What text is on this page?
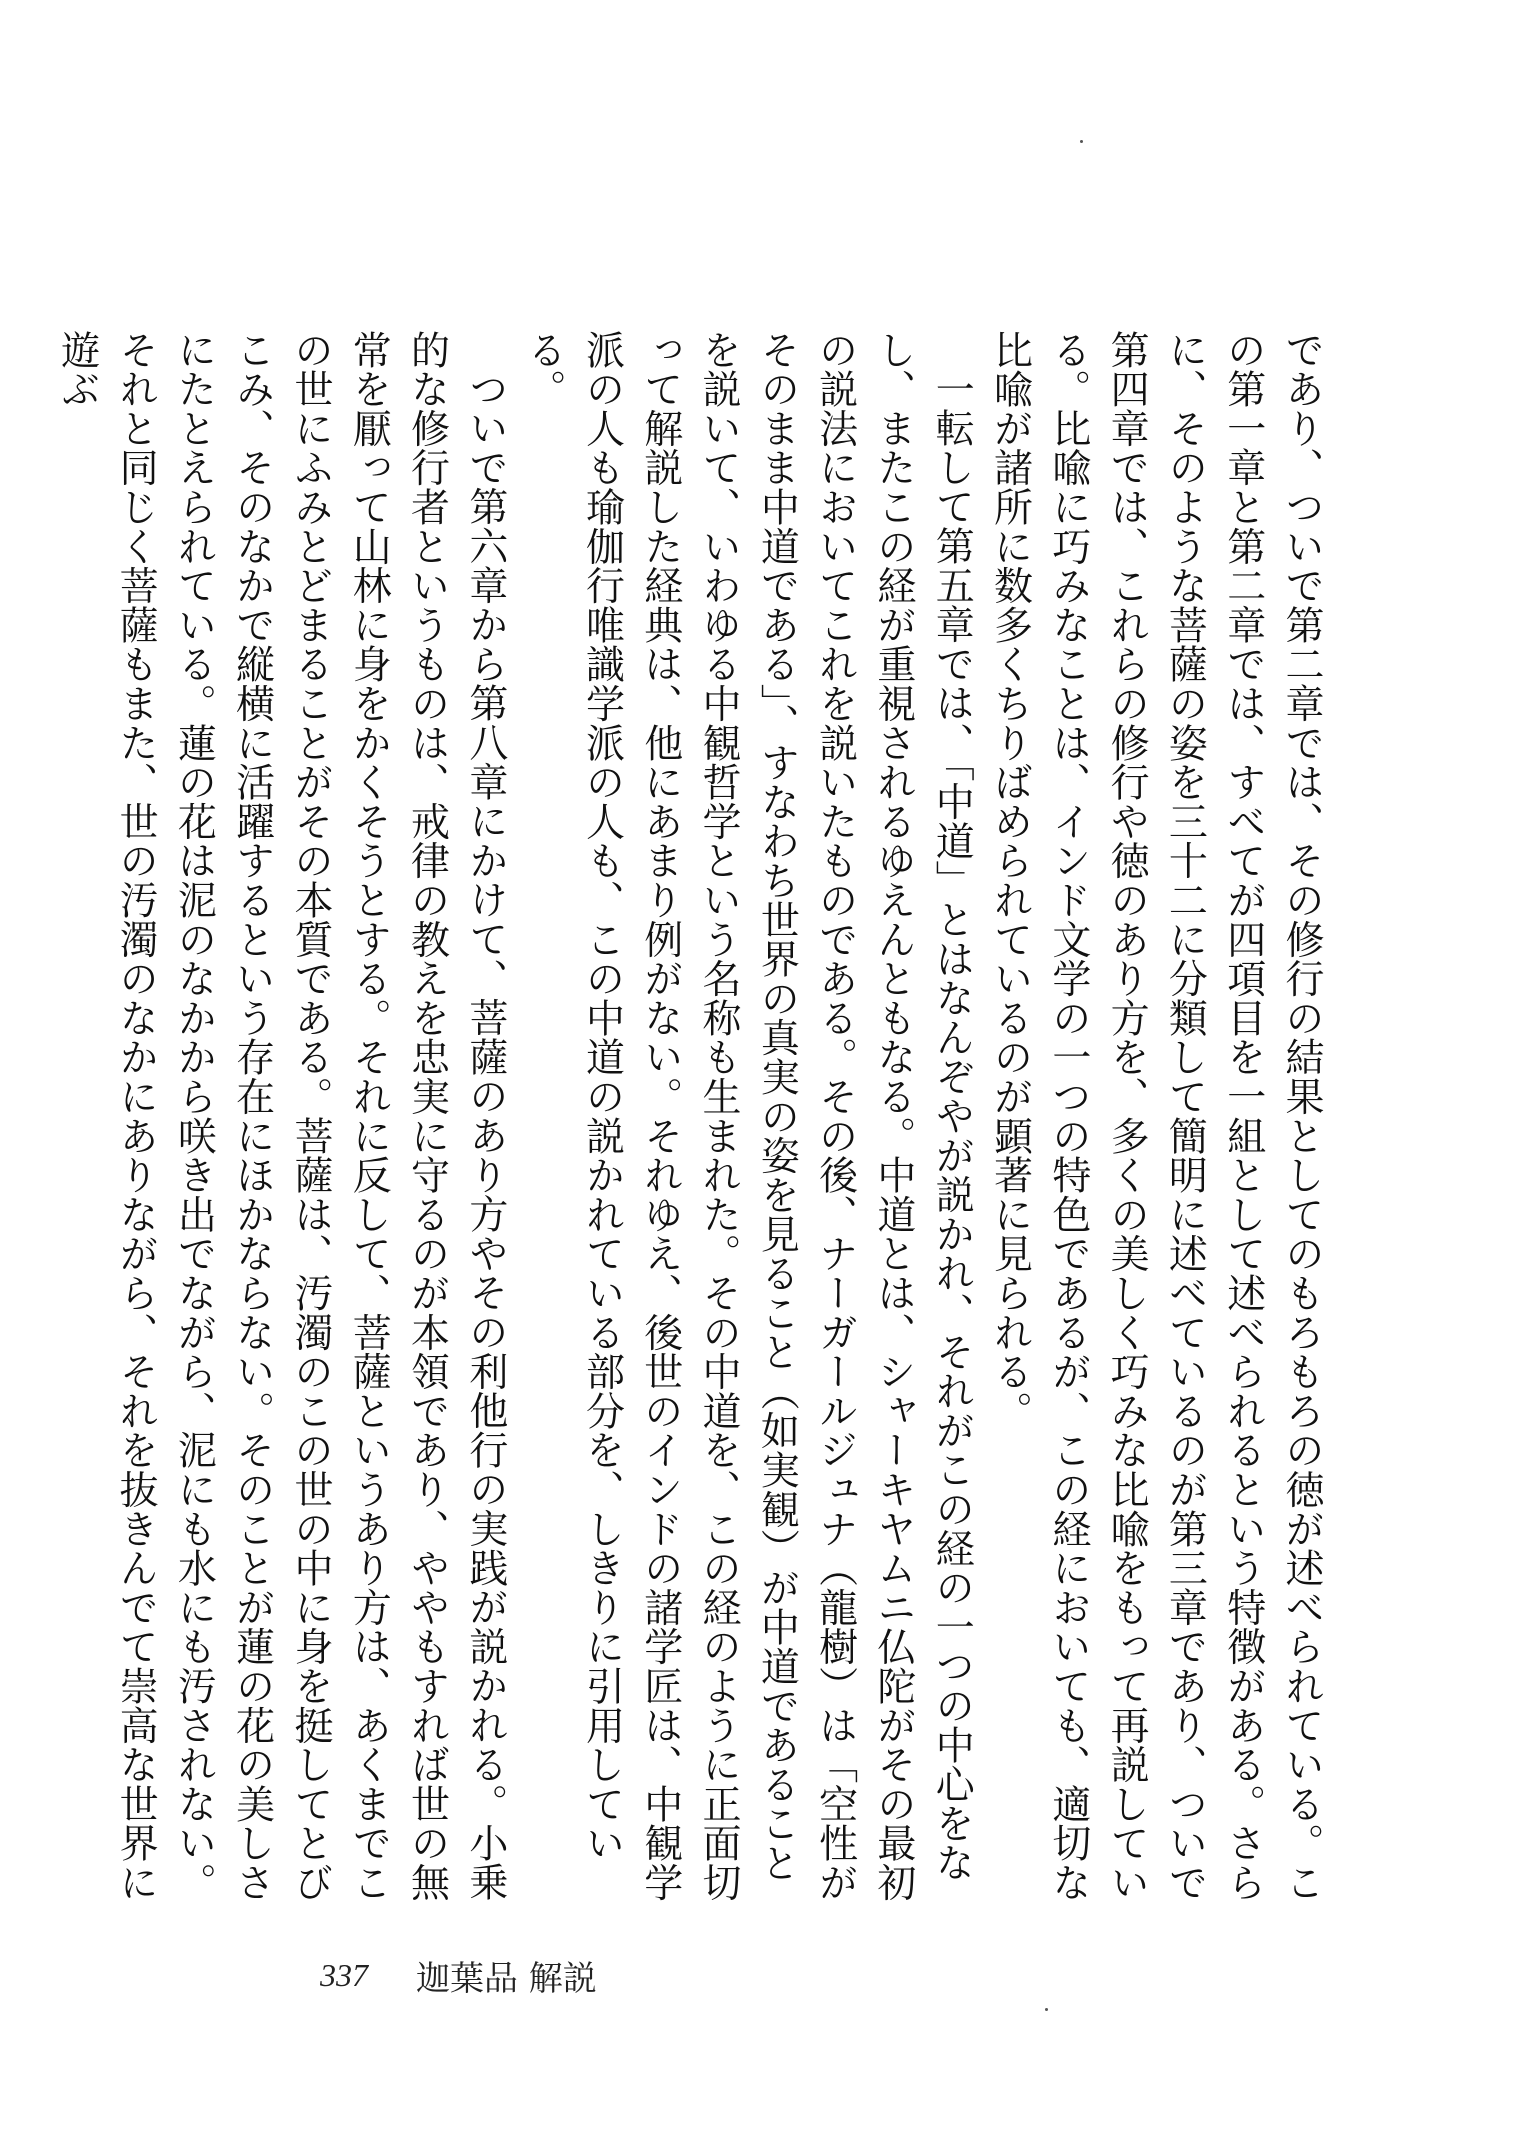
であり、ついで第二章では、その修行の結果としてのもろもろの徳が述べられている。この第一章と第二章では、すべてが四項目を一組として述べられるという特徴がある。さらに、そのような菩薩の姿を三十二に分類して簡明に述べているのが第三章であり、ついで第四章では、これらの修行や徳のあり方を、多くの美しく巧みな比喩をもって再説している。比喩に巧みなことは、インド文学の一つの特色であるが、この経においても、適切な比喩が諸所に数多くちりばめられているのが顕著に見られる。

一転して第五章では、「中道」とはなんぞやが説かれ、それがこの経の一つの中心をなし、またこの経が重視されるゆえんともなる。中道とは、シャーキヤムニ仏陀がその最初の説法においてこれを説いたものである。その後、ナーガールジュナ（龍樹）は「空性がそのまま中道である」、すなわち世界の真実の姿を見ること（如実観）が中道であることを説いて、いわゆる中観哲学という名称も生まれた。その中道を、この経のように正面切って解説した経典は、他にあまり例がない。それゆえ、後世のインドの諸学匠は、中観学派の人も瑜伽行唯識学派の人も、この中道の説かれている部分を、しきりに引用している。

ついで第六章から第八章にかけて、菩薩のあり方やその利他行の実践が説かれる。小乗的な修行者というものは、戒律の教えを忠実に守るのが本領であり、ややもすれば世の無常を厭って山林に身をかくそうとする。それに反して、菩薩というあり方は、あくまでこの世にふみとどまることがその本質である。菩薩は、汚濁のこの世の中に身を挺してとびこみ、そのなかで縦横に活躍するという存在にほかならない。そのことが蓮の花の美しさにたとえられている。蓮の花は泥のなかから咲き出でながら、泥にも水にも汚されない。それと同じく菩薩もまた、世の汚濁のなかにありながら、それを抜きんでて崇高な世界に遊ぶ

337 迦葉品 解説
